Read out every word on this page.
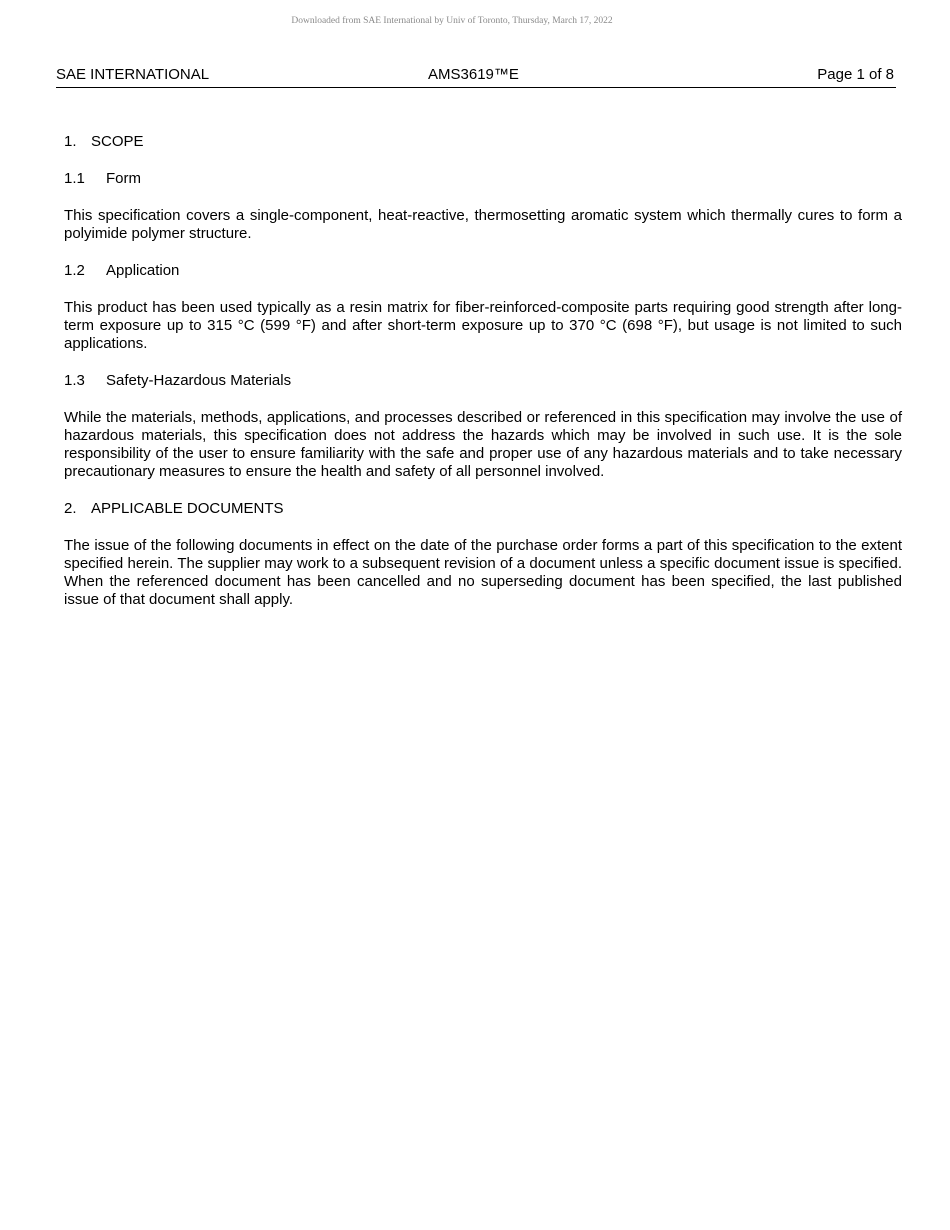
Downloaded from SAE International by Univ of Toronto, Thursday, March 17, 2022
SAE INTERNATIONAL	AMS3619™E	Page 1 of 8

1. SCOPE

1.1	Form

This specification covers a single-component, heat-reactive, thermosetting aromatic system which thermally cures to form a polyimide polymer structure.

1.2	Application

This product has been used typically as a resin matrix for fiber-reinforced-composite parts requiring good strength after long-term exposure up to 315 °C (599 °F) and after short-term exposure up to 370 °C (698 °F), but usage is not limited to such applications.

1.3	Safety-Hazardous Materials

While the materials, methods, applications, and processes described or referenced in this specification may involve the use of hazardous materials, this specification does not address the hazards which may be involved in such use. It is the sole responsibility of the user to ensure familiarity with the safe and proper use of any hazardous materials and to take necessary precautionary measures to ensure the health and safety of all personnel involved.

2. APPLICABLE DOCUMENTS

The issue of the following documents in effect on the date of the purchase order forms a part of this specification to the extent specified herein. The supplier may work to a subsequent revision of a document unless a specific document issue is specified. When the referenced document has been cancelled and no superseding document has been specified, the last published issue of that document shall apply.
